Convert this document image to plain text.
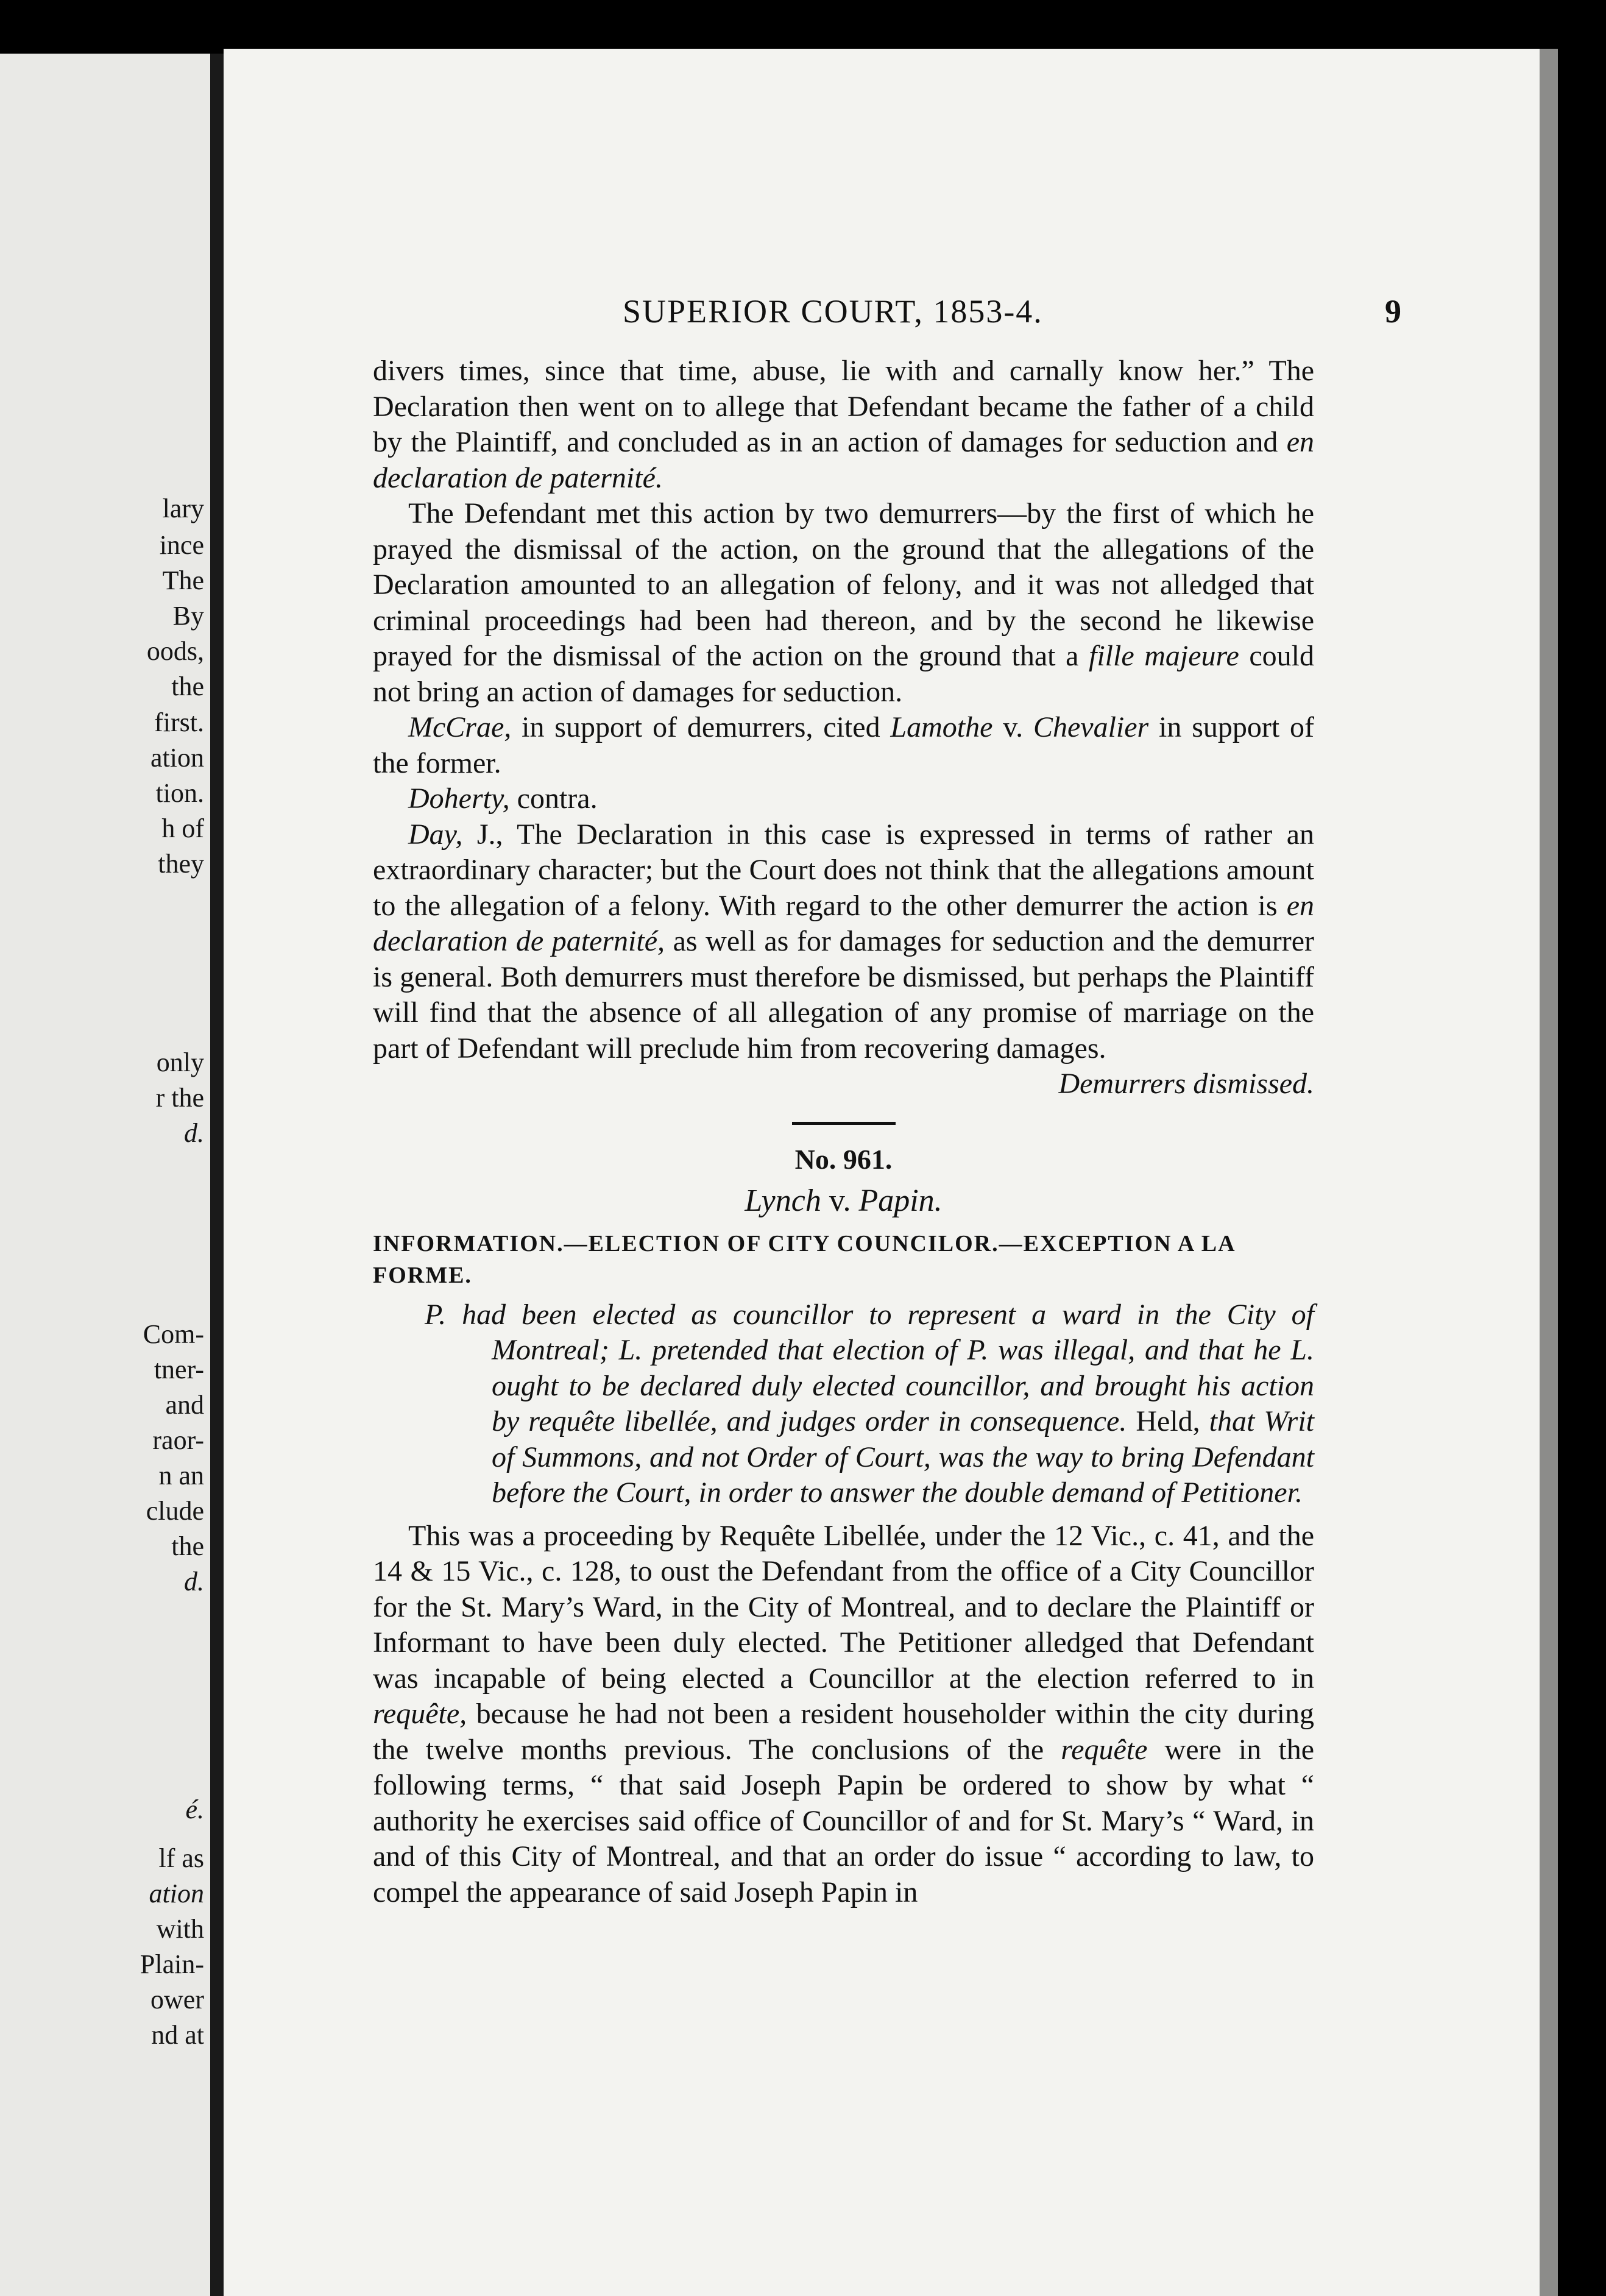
lary
ince
The
By
oods,
the
first.
ation
tion.
h of
they
only
r the
d.
Com-
tner-
and
raor-
n an
clude
the
d.
é.
lf as
ation
with
Plain-
ower
nd at
SUPERIOR COURT, 1853-4.	9

divers times, since that time, abuse, lie with and carnally know her.” The Declaration then went on to allege that Defendant became the father of a child by the Plaintiff, and concluded as in an action of damages for seduction and en declaration de paternité.

The Defendant met this action by two demurrers—by the first of which he prayed the dismissal of the action, on the ground that the allegations of the Declaration amounted to an allegation of felony, and it was not alledged that criminal proceedings had been had thereon, and by the second he likewise prayed for the dismissal of the action on the ground that a fille majeure could not bring an action of damages for seduction.

McCrae, in support of demurrers, cited Lamothe v. Chevalier in support of the former.

Doherty, contra.

Day, J., The Declaration in this case is expressed in terms of rather an extraordinary character; but the Court does not think that the allegations amount to the allegation of a felony. With regard to the other demurrer the action is en declaration de paternité, as well as for damages for seduction and the demurrer is general. Both demurrers must therefore be dismissed, but perhaps the Plaintiff will find that the absence of all allegation of any promise of marriage on the part of Defendant will preclude him from recovering damages.

Demurrers dismissed.

No. 961.

Lynch v. Papin.

INFORMATION.—ELECTION OF CITY COUNCILOR.—EXCEPTION A LA FORME.

P. had been elected as councillor to represent a ward in the City of Montreal; L. pretended that election of P. was illegal, and that he L. ought to be declared duly elected councillor, and brought his action by requête libellée, and judges order in consequence. Held, that Writ of Summons, and not Order of Court, was the way to bring Defendant before the Court, in order to answer the double demand of Petitioner.

This was a proceeding by Requête Libellée, under the 12 Vic., c. 41, and the 14 & 15 Vic., c. 128, to oust the Defendant from the office of a City Councillor for the St. Mary’s Ward, in the City of Montreal, and to declare the Plaintiff or Informant to have been duly elected. The Petitioner alledged that Defendant was incapable of being elected a Councillor at the election referred to in requête, because he had not been a resident householder within the city during the twelve months previous. The conclusions of the requête were in the following terms, “ that said Joseph Papin be ordered to show by what “ authority he exercises said office of Councillor of and for St. Mary’s “ Ward, in and of this City of Montreal, and that an order do issue “ according to law, to compel the appearance of said Joseph Papin in
